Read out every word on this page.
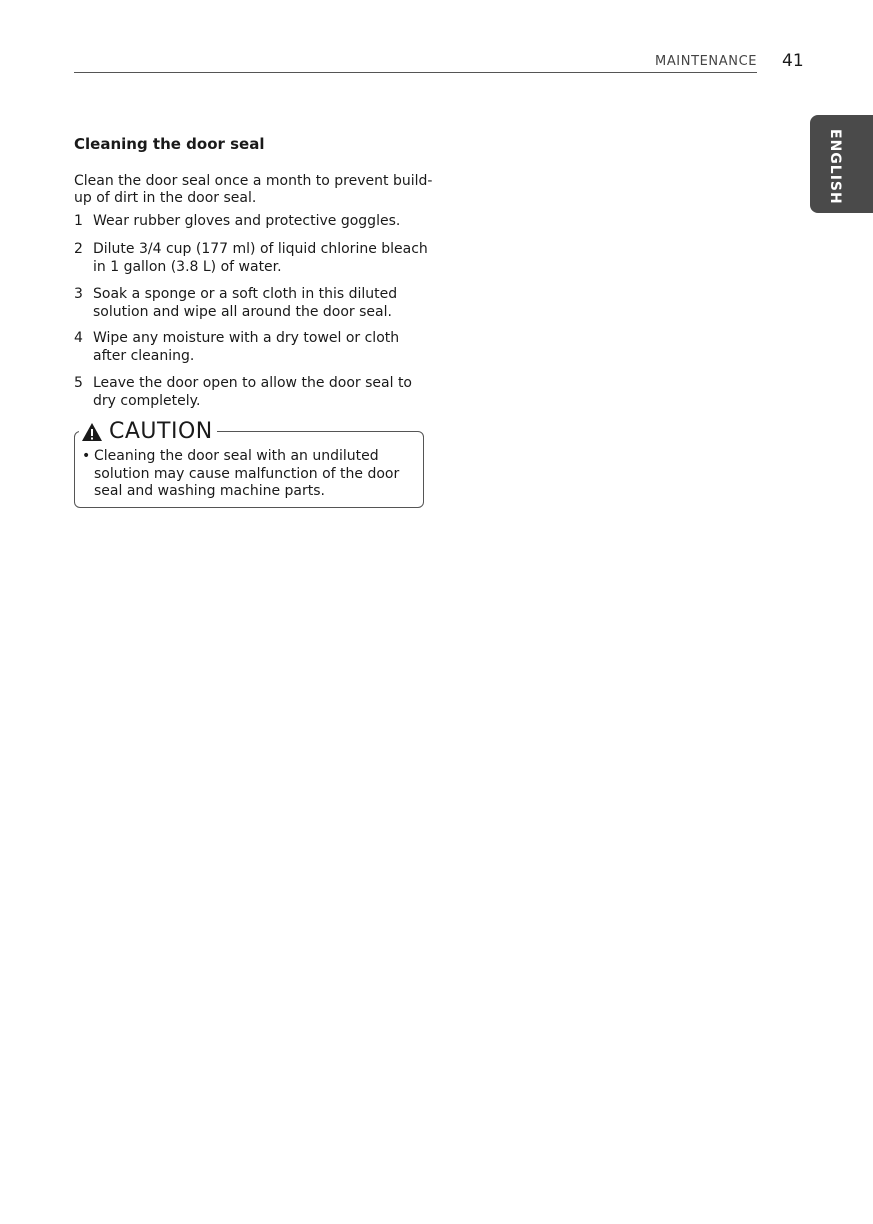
MAINTENANCE 41
ENGLISH
Cleaning the door seal
Clean the door seal once a month to prevent build-up of dirt in the door seal.
1 Wear rubber gloves and protective goggles.
2 Dilute 3/4 cup (177 ml) of liquid chlorine bleach in 1 gallon (3.8 L) of water.
3 Soak a sponge or a soft cloth in this diluted solution and wipe all around the door seal.
4 Wipe any moisture with a dry towel or cloth after cleaning.
5 Leave the door open to allow the door seal to dry completely.
CAUTION
• Cleaning the door seal with an undiluted solution may cause malfunction of the door seal and washing machine parts.
